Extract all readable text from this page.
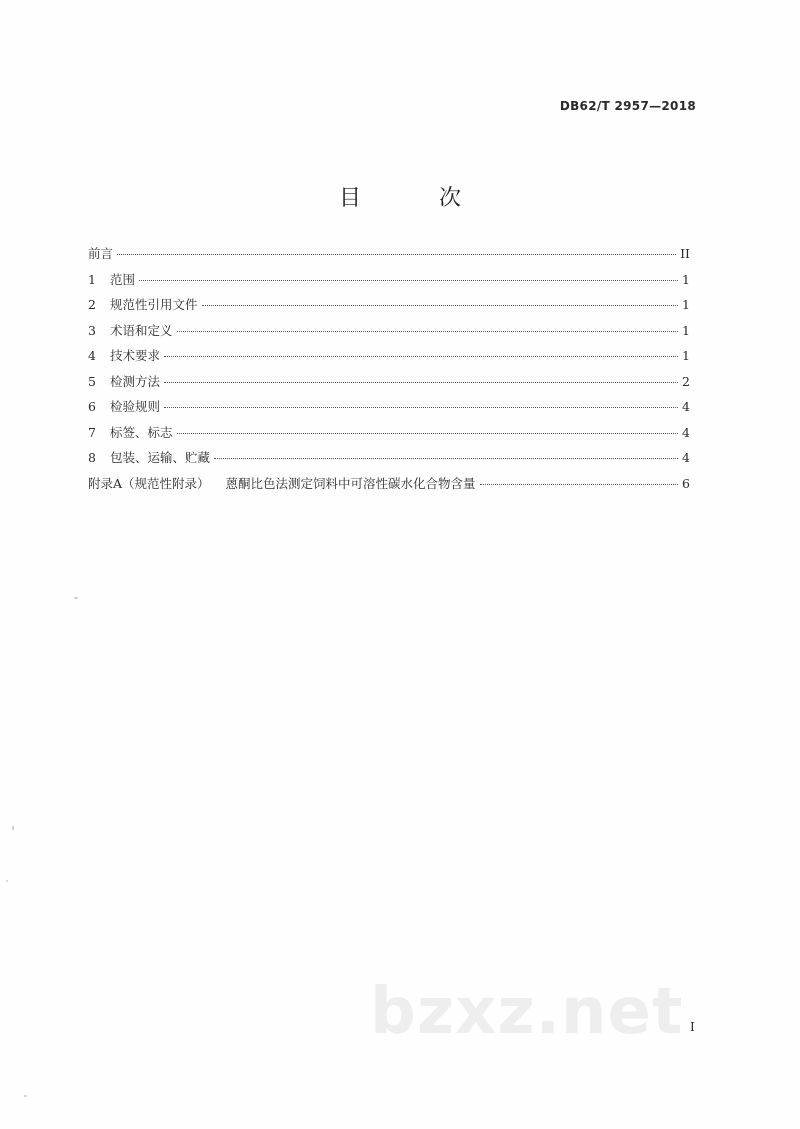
DB62/T 2957—2018
目　次
前言	II
1	范围	1
2	规范性引用文件	1
3	术语和定义	1
4	技术要求	1
5	检测方法	2
6	检验规则	4
7	标签、标志	4
8	包装、运输、贮藏	4
附录A（规范性附录） 蒽酮比色法测定饲料中可溶性碳水化合物含量	6
I
bzxz.net
